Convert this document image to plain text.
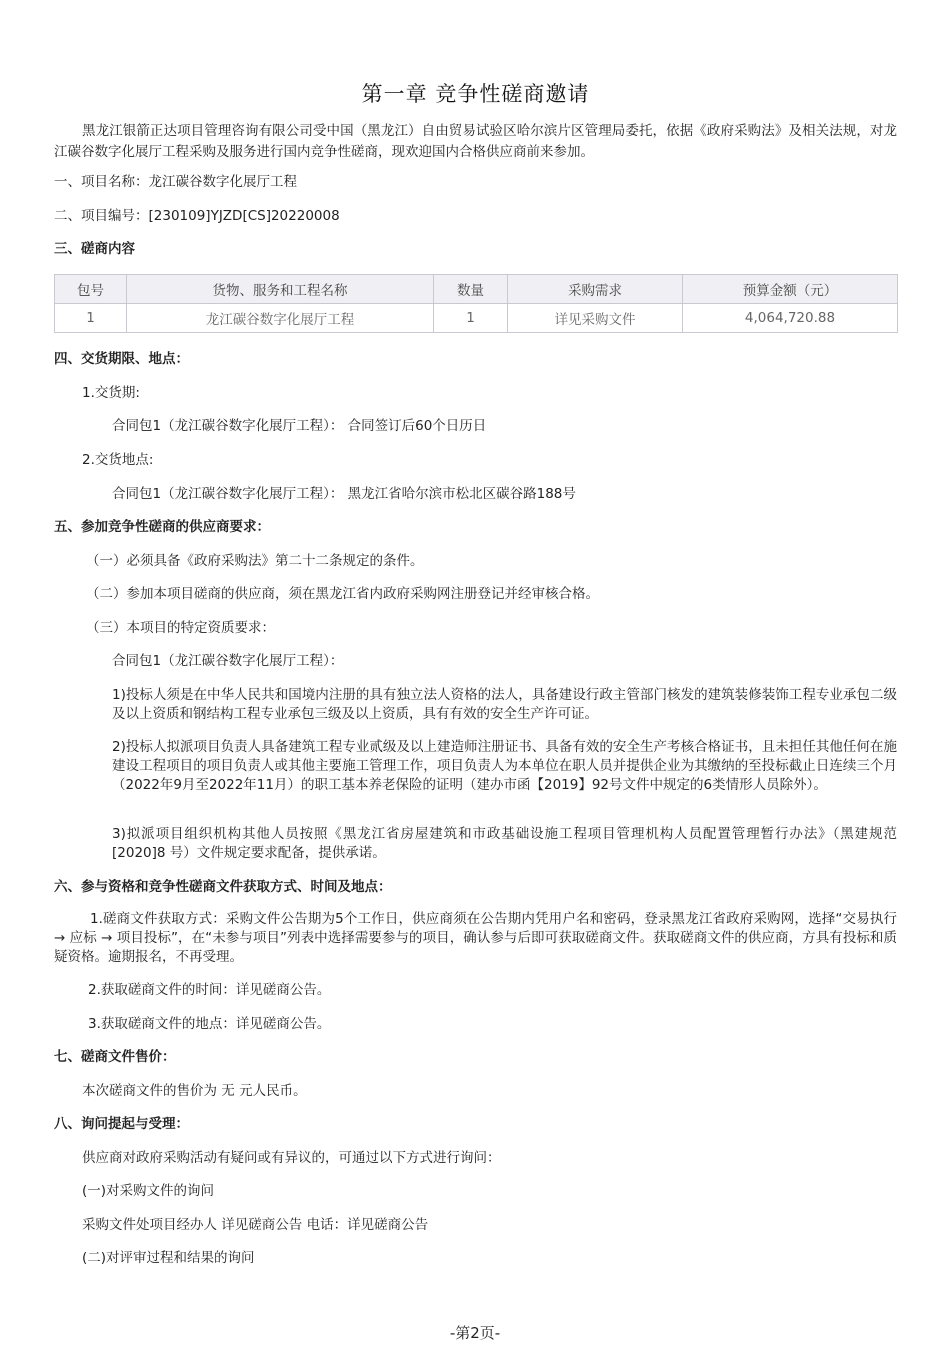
第一章 竞争性磋商邀请
黑龙江银箭正达项目管理咨询有限公司受中国（黑龙江）自由贸易试验区哈尔滨片区管理局委托，依据《政府采购法》及相关法规，对龙江碳谷数字化展厅工程采购及服务进行国内竞争性磋商，现欢迎国内合格供应商前来参加。
一、项目名称：龙江碳谷数字化展厅工程
二、项目编号：[230109]YJZD[CS]20220008
三、磋商内容
包号	货物、服务和工程名称	数量	采购需求	预算金额（元）
1	龙江碳谷数字化展厅工程	1	详见采购文件	4,064,720.88
四、交货期限、地点：
1.交货期:
合同包1（龙江碳谷数字化展厅工程）： 合同签订后60个日历日
2.交货地点:
合同包1（龙江碳谷数字化展厅工程）： 黑龙江省哈尔滨市松北区碳谷路188号
五、参加竞争性磋商的供应商要求：
（一）必须具备《政府采购法》第二十二条规定的条件。
（二）参加本项目磋商的供应商，须在黑龙江省内政府采购网注册登记并经审核合格。
（三）本项目的特定资质要求：
合同包1（龙江碳谷数字化展厅工程）：
1)投标人须是在中华人民共和国境内注册的具有独立法人资格的法人，具备建设行政主管部门核发的建筑装修装饰工程专业承包二级及以上资质和钢结构工程专业承包三级及以上资质，具有有效的安全生产许可证。
2)投标人拟派项目负责人具备建筑工程专业贰级及以上建造师注册证书、具备有效的安全生产考核合格证书，且未担任其他任何在施建设工程项目的项目负责人或其他主要施工管理工作，项目负责人为本单位在职人员并提供企业为其缴纳的至投标截止日连续三个月（2022年9月至2022年11月）的职工基本养老保险的证明（建办市函【2019】92号文件中规定的6类情形人员除外）。
3)拟派项目组织机构其他人员按照《黑龙江省房屋建筑和市政基础设施工程项目管理机构人员配置管理暂行办法》（黑建规范[2020]8 号）文件规定要求配备，提供承诺。
六、参与资格和竞争性磋商文件获取方式、时间及地点：
1.磋商文件获取方式：采购文件公告期为5个工作日，供应商须在公告期内凭用户名和密码，登录黑龙江省政府采购网，选择“交易执行 → 应标 → 项目投标”，在“未参与项目”列表中选择需要参与的项目，确认参与后即可获取磋商文件。获取磋商文件的供应商，方具有投标和质疑资格。逾期报名，不再受理。
2.获取磋商文件的时间：详见磋商公告。
3.获取磋商文件的地点：详见磋商公告。
七、磋商文件售价：
本次磋商文件的售价为 无 元人民币。
八、询问提起与受理：
供应商对政府采购活动有疑问或有异议的，可通过以下方式进行询问：
(一)对采购文件的询问
采购文件处项目经办人 详见磋商公告 电话：详见磋商公告
(二)对评审过程和结果的询问
-第2页-
